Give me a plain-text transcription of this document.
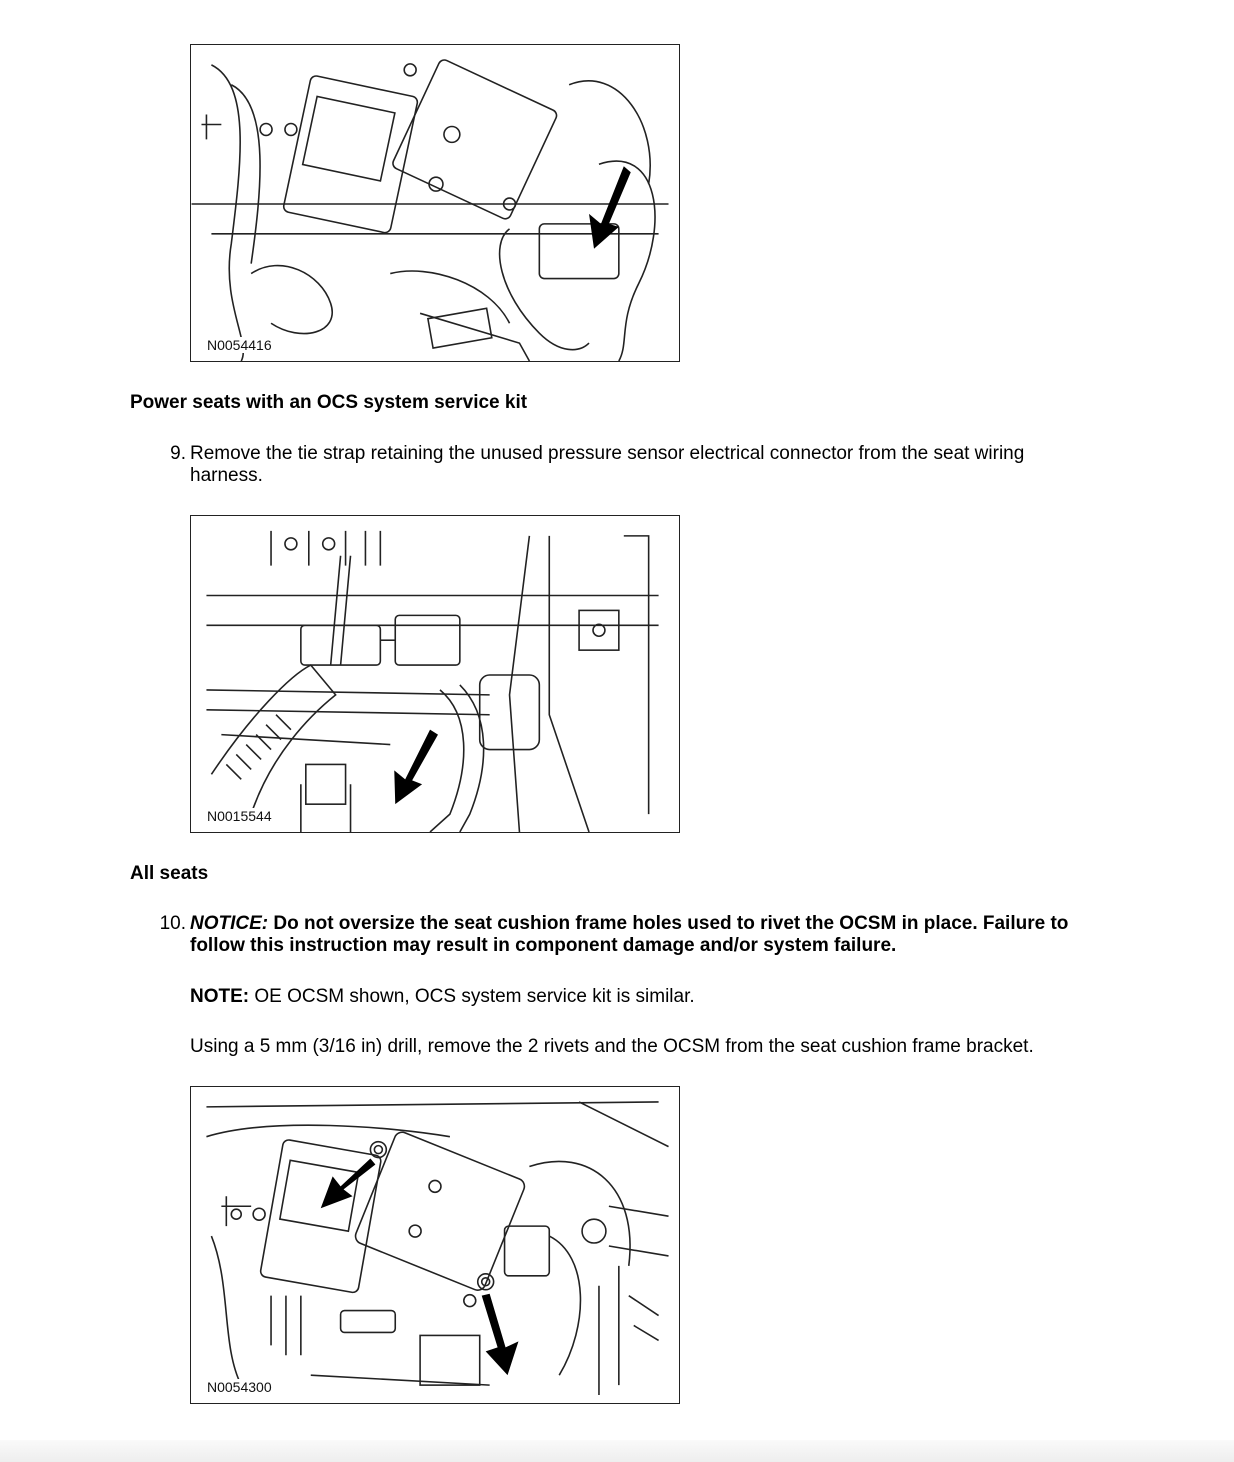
N0054416
Power seats with an OCS system service kit
9. Remove the tie strap retaining the unused pressure sensor electrical connector from the seat wiring harness.
N0015544
All seats
10. NOTICE: Do not oversize the seat cushion frame holes used to rivet the OCSM in place. Failure to follow this instruction may result in component damage and/or system failure.

NOTE: OE OCSM shown, OCS system service kit is similar.

Using a 5 mm (3/16 in) drill, remove the 2 rivets and the OCSM from the seat cushion frame bracket.

N0054300
